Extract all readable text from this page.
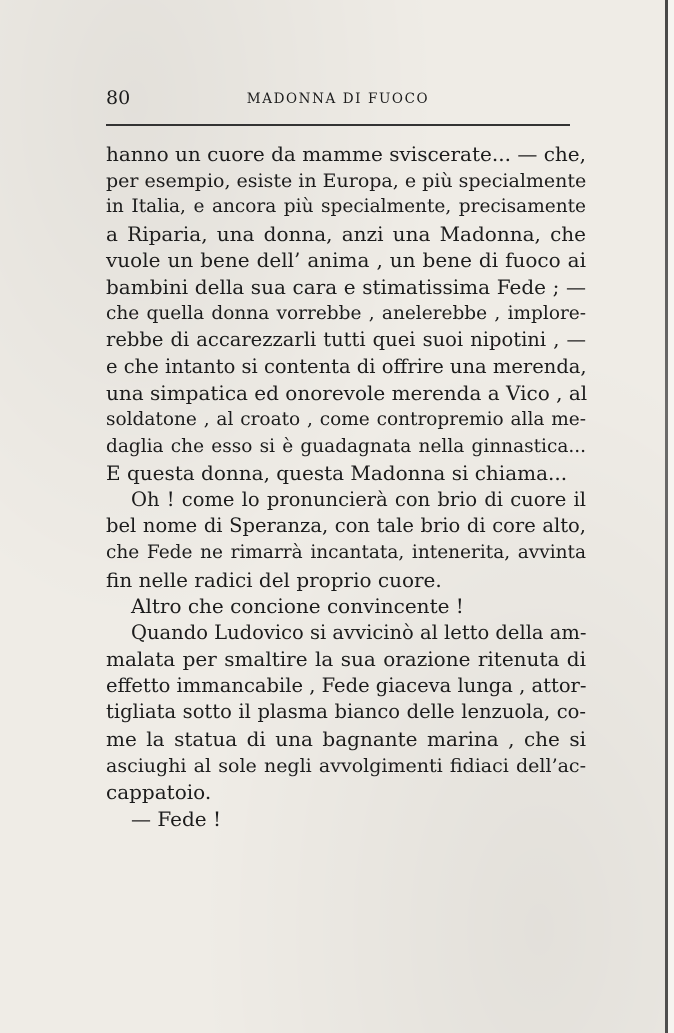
80	MADONNA DI FUOCO
hanno un cuore da mamme sviscerate... — che,
per esempio, esiste in Europa, e più specialmente
in Italia, e ancora più specialmente, precisamente
a Riparia, una donna, anzi una Madonna, che
vuole un bene dell’ anima , un bene di fuoco ai
bambini della sua cara e stimatissima Fede ; —
che quella donna vorrebbe , anelerebbe , implore-
rebbe di accarezzarli tutti quei suoi nipotini , —
e che intanto si contenta di offrire una merenda,
una simpatica ed onorevole merenda a Vico , al
soldatone , al croato , come contropremio alla me-
daglia che esso si è guadagnata nella ginnastica...
E questa donna, questa Madonna si chiama...
Oh ! come lo pronuncierà con brio di cuore il
bel nome di Speranza, con tale brio di core alto,
che Fede ne rimarrà incantata, intenerita, avvinta
fin nelle radici del proprio cuore.
Altro che concione convincente !
Quando Ludovico si avvicinò al letto della am-
malata per smaltire la sua orazione ritenuta di
effetto immancabile , Fede giaceva lunga , attor-
tigliata sotto il plasma bianco delle lenzuola, co-
me la statua di una bagnante marina , che si
asciughi al sole negli avvolgimenti fidiaci dell’ac-
cappatoio.
— Fede !
